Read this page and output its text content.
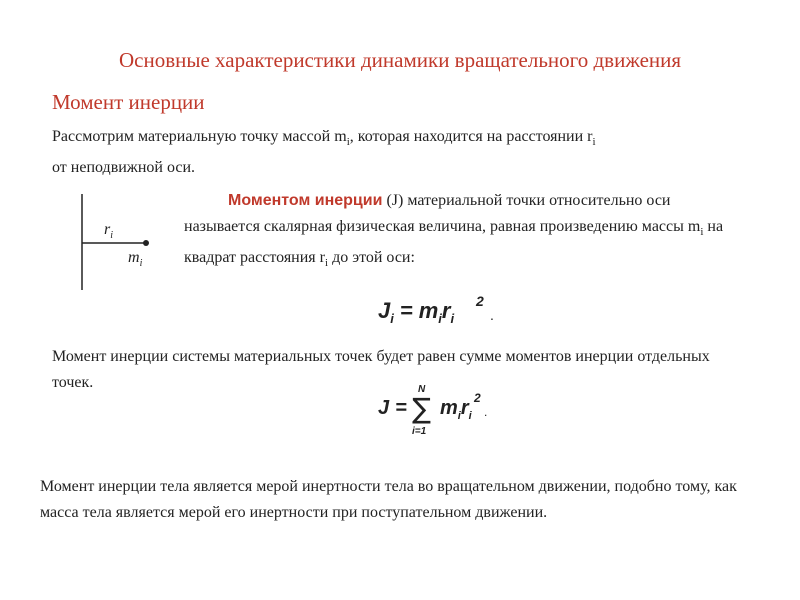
Основные характеристики динамики вращательного движения
Момент инерции
Рассмотрим материальную точку массой $m_i$, которая находится на расстоянии $r_i$
от неподвижной оси.
$r_i$
$m_i$
Моментом инерции (J) материальной точки относительно оси называется скалярная физическая величина, равная произведению массы $m_i$ на квадрат расстояния $r_i$ до этой оси:
$J_i = m_ir_i$
2
.
Момент инерции системы материальных точек будет равен сумме моментов инерции отдельных точек.
J =
N
∑
i=1
$m_ir_i$
2
.
Момент инерции тела является мерой инертности тела во вращательном движении, подобно тому, как масса тела является мерой его инертности при поступательном движении.
